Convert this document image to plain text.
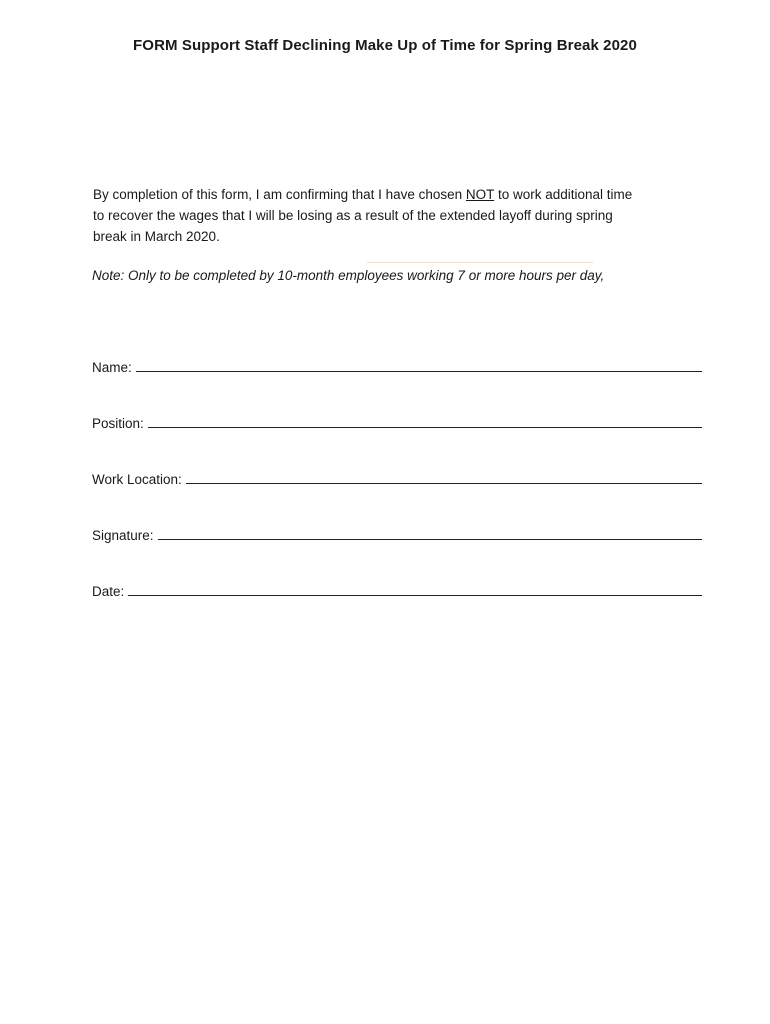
FORM Support Staff Declining Make Up of Time for Spring Break 2020
By completion of this form, I am confirming that I have chosen NOT to work additional time
to recover the wages that I will be losing as a result of the extended layoff during spring
break in March 2020.
Note: Only to be completed by 10-month employees working 7 or more hours per day,
Name:
Position:
Work Location:
Signature:
Date:
